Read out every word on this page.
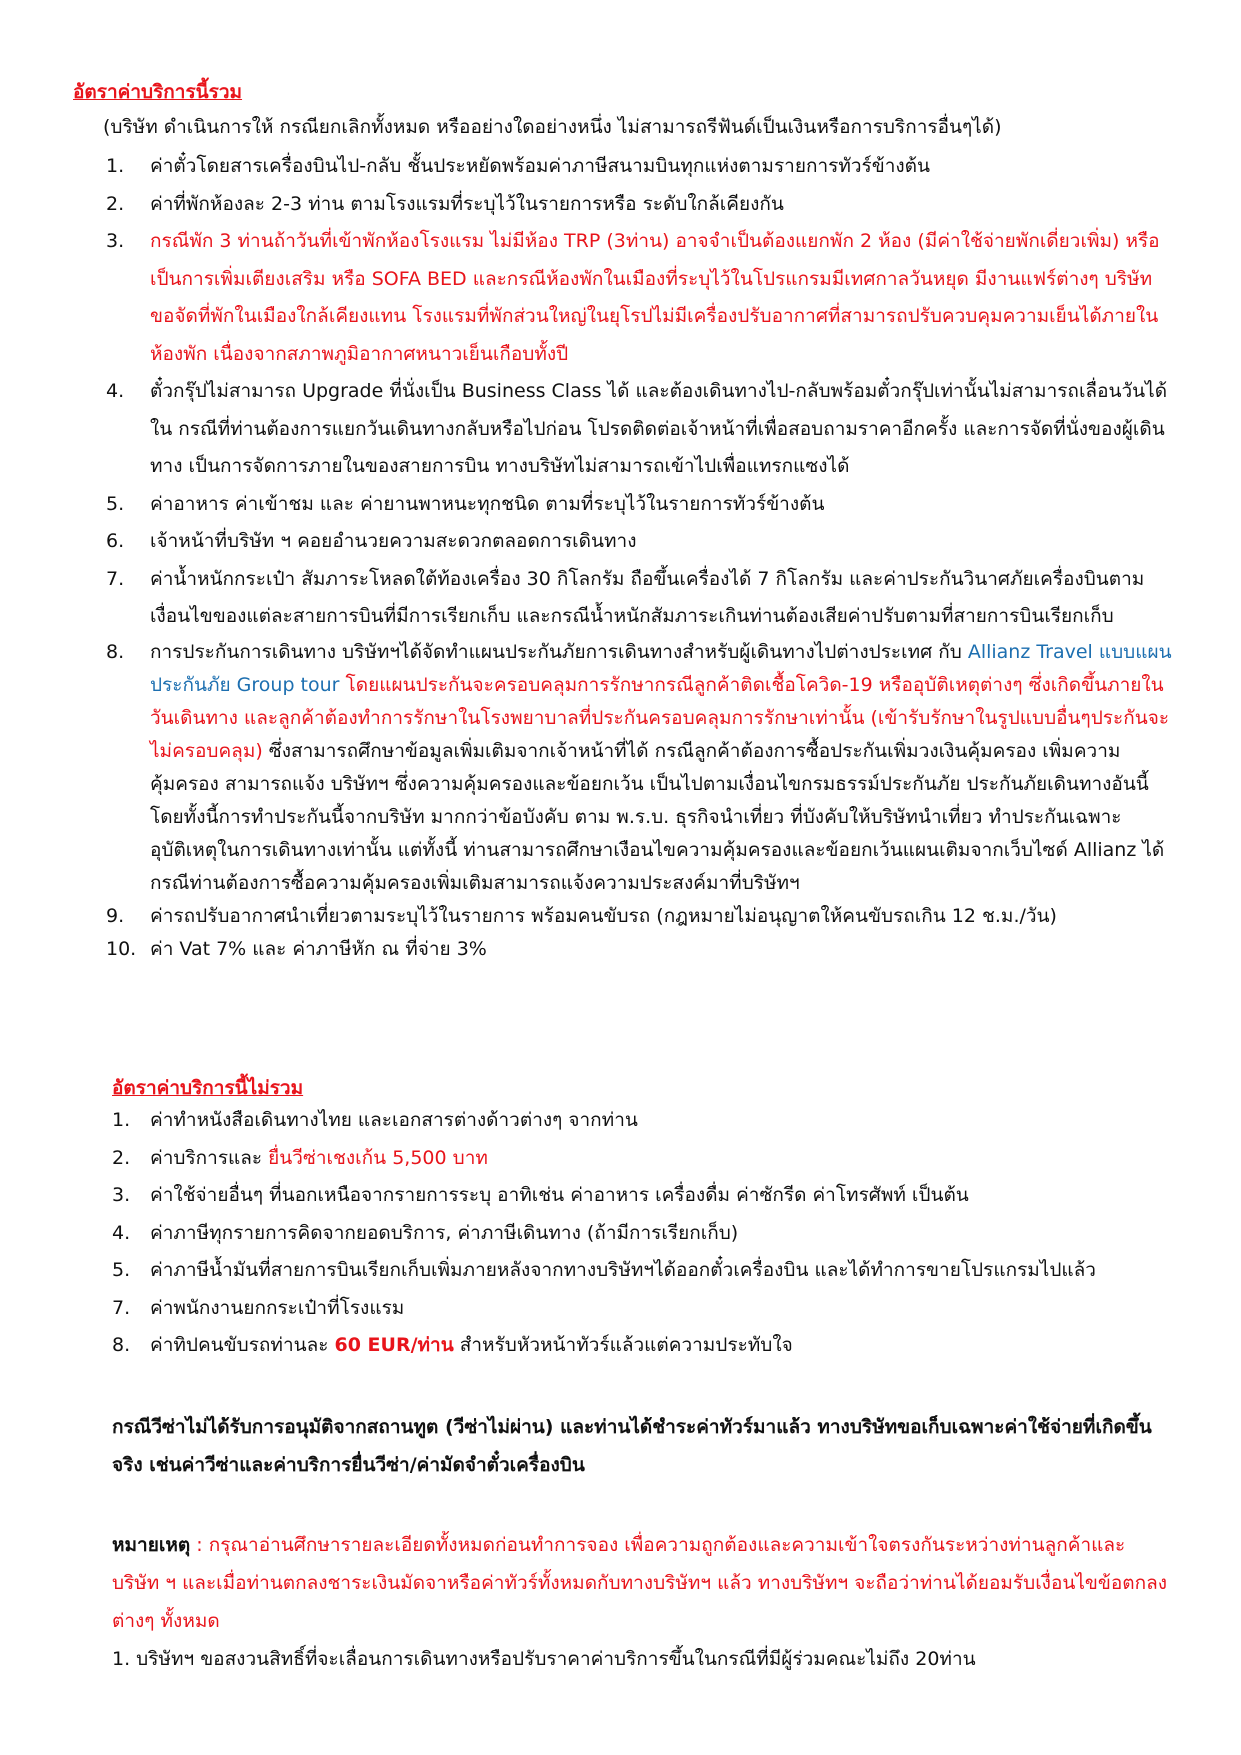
อัตราค่าบริการนี้รวม
(บริษัท ดำเนินการให้ กรณียกเลิกทั้งหมด หรืออย่างใดอย่างหนึ่ง ไม่สามารถรีฟันด์เป็นเงินหรือการบริการอื่นๆได้)
1. ค่าตั๋วโดยสารเครื่องบินไป-กลับ ชั้นประหยัดพร้อมค่าภาษีสนามบินทุกแห่งตามรายการทัวร์ข้างต้น
2. ค่าที่พักห้องละ 2-3 ท่าน ตามโรงแรมที่ระบุไว้ในรายการหรือ ระดับใกล้เคียงกัน
3. กรณีพัก 3 ท่านถ้าวันที่เข้าพักห้องโรงแรม ไม่มีห้อง TRP (3ท่าน) อาจจำเป็นต้องแยกพัก 2 ห้อง (มีค่าใช้จ่ายพักเดี่ยวเพิ่ม) หรือเป็นการเพิ่มเตียงเสริม หรือ SOFA BED และกรณีห้องพักในเมืองที่ระบุไว้ในโปรแกรมมีเทศกาลวันหยุด มีงานแฟร์ต่างๆ บริษัทขอจัดที่พักในเมืองใกล้เคียงแทน โรงแรมที่พักส่วนใหญ่ในยุโรปไม่มีเครื่องปรับอากาศที่สามารถปรับควบคุมความเย็นได้ภายในห้องพัก เนื่องจากสภาพภูมิอากาศหนาวเย็นเกือบทั้งปี
4. ตั๋วกรุ๊ปไม่สามารถ Upgrade ที่นั่งเป็น Business Class ได้ และต้องเดินทางไป-กลับพร้อมตั๋วกรุ๊ปเท่านั้นไม่สามารถเลื่อนวันได้ ใน กรณีที่ท่านต้องการแยกวันเดินทางกลับหรือไปก่อน โปรดติดต่อเจ้าหน้าที่เพื่อสอบถามราคาอีกครั้ง และการจัดที่นั่งของผู้เดินทาง เป็นการจัดการภายในของสายการบิน ทางบริษัทไม่สามารถเข้าไปเพื่อแทรกแซงได้
5. ค่าอาหาร ค่าเข้าชม และ ค่ายานพาหนะทุกชนิด ตามที่ระบุไว้ในรายการทัวร์ข้างต้น
6. เจ้าหน้าที่บริษัท ฯ คอยอำนวยความสะดวกตลอดการเดินทาง
7. ค่าน้ำหนักกระเป๋า สัมภาระโหลดใต้ท้องเครื่อง 30 กิโลกรัม ถือขึ้นเครื่องได้ 7 กิโลกรัม และค่าประกันวินาศภัยเครื่องบินตามเงื่อนไขของแต่ละสายการบินที่มีการเรียกเก็บ และกรณีน้ำหนักสัมภาระเกินท่านต้องเสียค่าปรับตามที่สายการบินเรียกเก็บ
8. การประกันการเดินทาง บริษัทฯได้จัดทำแผนประกันภัยการเดินทางสำหรับผู้เดินทางไปต่างประเทศ กับ Allianz Travel แบบแผนประกันภัย Group tour โดยแผนประกันจะครอบคลุมการรักษากรณีลูกค้าติดเชื้อโควิด-19 หรืออุบัติเหตุต่างๆ ซึ่งเกิดขึ้นภายในวันเดินทาง และลูกค้าต้องทำการรักษาในโรงพยาบาลที่ประกันครอบคลุมการรักษาเท่านั้น (เข้ารับรักษาในรูปแบบอื่นๆประกันจะไม่ครอบคลุม) ซึ่งสามารถศึกษาข้อมูลเพิ่มเติมจากเจ้าหน้าที่ได้ กรณีลูกค้าต้องการซื้อประกันเพิ่มวงเงินคุ้มครอง เพิ่มความคุ้มครอง สามารถแจ้ง บริษัทฯ ซึ่งความคุ้มครองและข้อยกเว้น เป็นไปตามเงื่อนไขกรมธรรม์ประกันภัย ประกันภัยเดินทางอันนี้โดยทั้งนี้การทำประกันนี้จากบริษัท มากกว่าข้อบังคับ ตาม พ.ร.บ. ธุรกิจนำเที่ยว ที่บังคับให้บริษัทนำเที่ยว ทำประกันเฉพาะอุบัติเหตุในการเดินทางเท่านั้น แต่ทั้งนี้ ท่านสามารถศึกษาเงือนไขความคุ้มครองและข้อยกเว้นแผนเติมจากเว็บไซด์ Allianz ได้กรณีท่านต้องการซื้อความคุ้มครองเพิ่มเติมสามารถแจ้งความประสงค์มาที่บริษัทฯ
9. ค่ารถปรับอากาศนำเที่ยวตามระบุไว้ในรายการ พร้อมคนขับรถ (กฎหมายไม่อนุญาตให้คนขับรถเกิน 12 ช.ม./วัน)
10. ค่า Vat 7% และ ค่าภาษีหัก ณ ที่จ่าย 3%
อัตราค่าบริการนี้ไม่รวม
1. ค่าทำหนังสือเดินทางไทย และเอกสารต่างด้าวต่างๆ จากท่าน
2. ค่าบริการและ ยื่นวีซ่าเชงเก้น 5,500 บาท
3. ค่าใช้จ่ายอื่นๆ ที่นอกเหนือจากรายการระบุ อาทิเช่น ค่าอาหาร เครื่องดื่ม ค่าซักรีด ค่าโทรศัพท์ เป็นต้น
4. ค่าภาษีทุกรายการคิดจากยอดบริการ, ค่าภาษีเดินทาง (ถ้ามีการเรียกเก็บ)
5. ค่าภาษีน้ำมันที่สายการบินเรียกเก็บเพิ่มภายหลังจากทางบริษัทฯได้ออกตั๋วเครื่องบิน และได้ทำการขายโปรแกรมไปแล้ว
7. ค่าพนักงานยกกระเป๋าที่โรงแรม
8. ค่าทิปคนขับรถท่านละ 60 EUR/ท่าน สำหรับหัวหน้าทัวร์แล้วแต่ความประทับใจ
กรณีวีซ่าไม่ได้รับการอนุมัติจากสถานทูต (วีซ่าไม่ผ่าน) และท่านได้ชำระค่าทัวร์มาแล้ว ทางบริษัทขอเก็บเฉพาะค่าใช้จ่ายที่เกิดขึ้นจริง เช่นค่าวีซ่าและค่าบริการยื่นวีซ่า/ค่ามัดจำตั๋วเครื่องบิน
หมายเหตุ : กรุณาอ่านศึกษารายละเอียดทั้งหมดก่อนทำการจอง เพื่อความถูกต้องและความเข้าใจตรงกันระหว่างท่านลูกค้าและบริษัท ฯ และเมื่อท่านตกลงชาระเงินมัดจาหรือค่าทัวร์ทั้งหมดกับทางบริษัทฯ แล้ว ทางบริษัทฯ จะถือว่าท่านได้ยอมรับเงื่อนไขข้อตกลงต่างๆ ทั้งหมด
1. บริษัทฯ ขอสงวนสิทธิ์ที่จะเลื่อนการเดินทางหรือปรับราคาค่าบริการขึ้นในกรณีที่มีผู้ร่วมคณะไม่ถึง 20ท่าน
